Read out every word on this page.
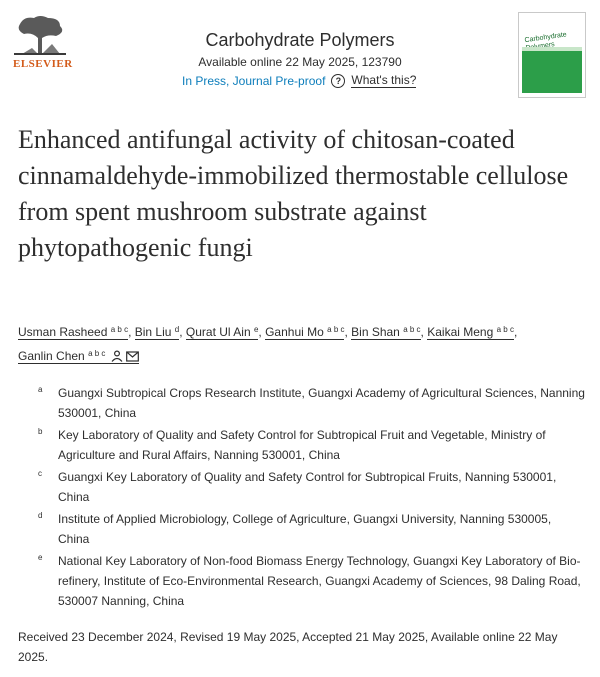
ELSEVIER
Carbohydrate Polymers
Available online 22 May 2025, 123790
In Press, Journal Pre-proof	? What's this?
Carbohydrate
Enhanced antifungal activity of chitosan-coated cinnamaldehyde-immobilized thermostable cellulose from spent mushroom substrate against phytopathogenic fungi
Usman Rasheed $^{a b c}$, Bin Liu $^d$, Qurat Ul Ain $^e$, Ganhui Mo $^{a b c}$, Bin Shan $^{a b c}$, Kaikai Meng $^{a b c}$, Ganlin Chen $^{a b c}$
a Guangxi Subtropical Crops Research Institute, Guangxi Academy of Agricultural Sciences, Nanning 530001, China
b Key Laboratory of Quality and Safety Control for Subtropical Fruit and Vegetable, Ministry of Agriculture and Rural Affairs, Nanning 530001, China
c Guangxi Key Laboratory of Quality and Safety Control for Subtropical Fruits, Nanning 530001, China
d Institute of Applied Microbiology, College of Agriculture, Guangxi University, Nanning 530005, China
e National Key Laboratory of Non-food Biomass Energy Technology, Guangxi Key Laboratory of Bio-refinery, Institute of Eco-Environmental Research, Guangxi Academy of Sciences, 98 Daling Road, 530007 Nanning, China
Received 23 December 2024, Revised 19 May 2025, Accepted 21 May 2025, Available online 22 May 2025.
